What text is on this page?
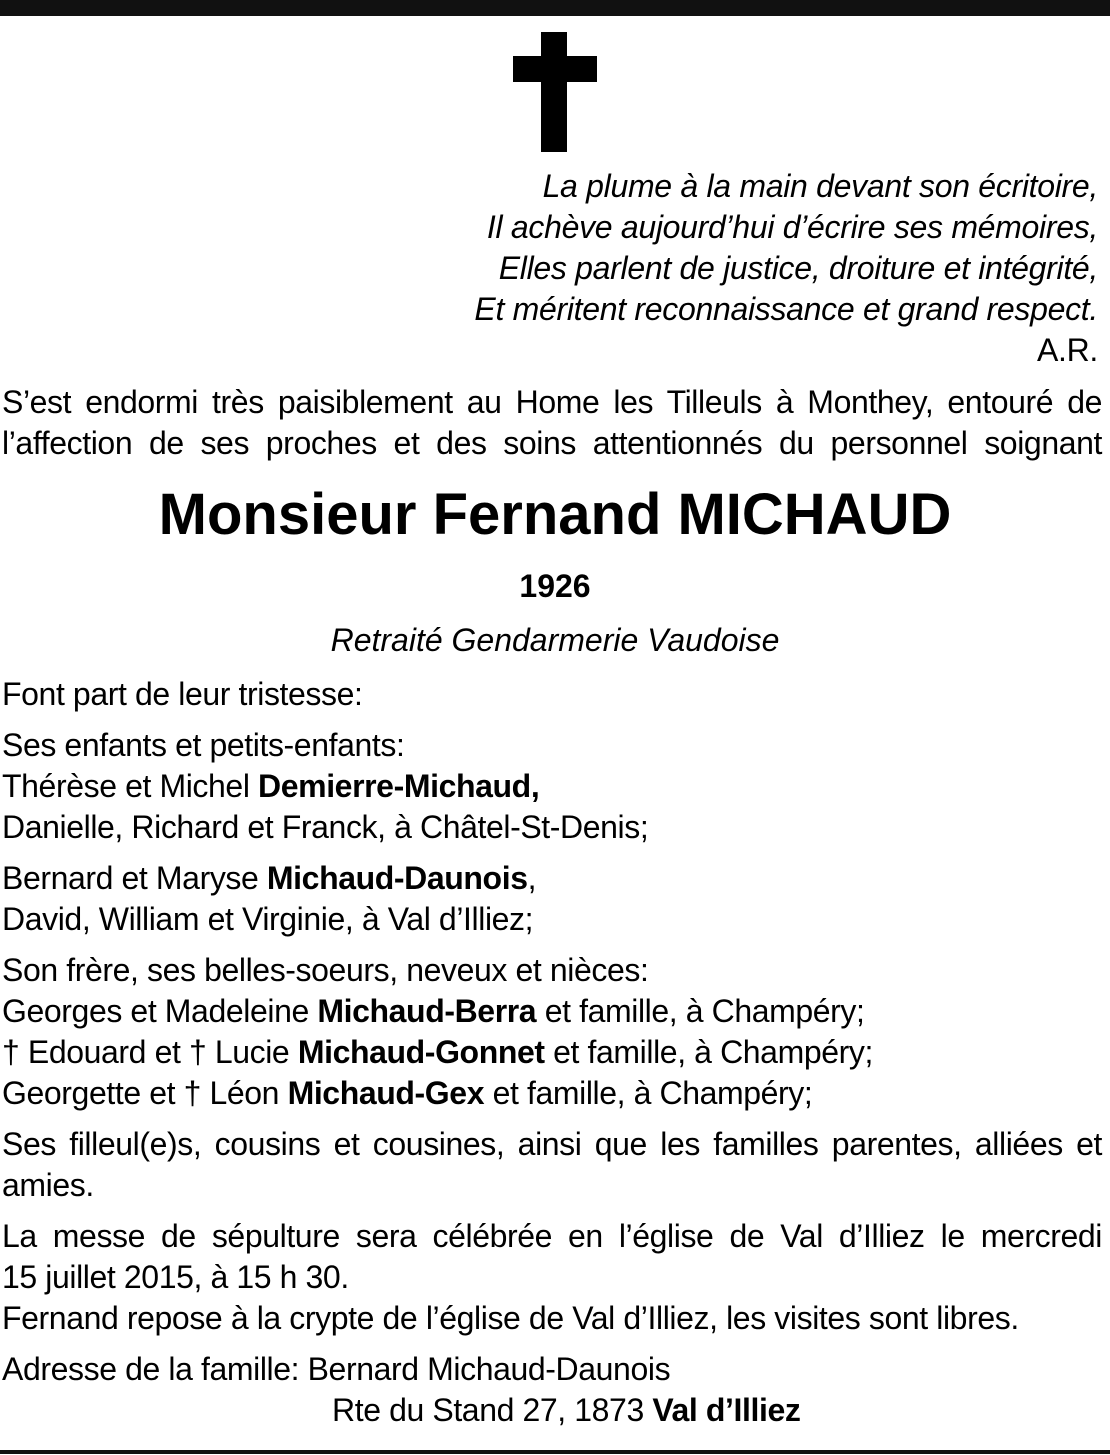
La plume à la main devant son écritoire,
Il achève aujourd’hui d’écrire ses mémoires,
Elles parlent de justice, droiture et intégrité,
Et méritent reconnaissance et grand respect.
A.R.
S’est endormi très paisiblement au Home les Tilleuls à Monthey, entouré de
l’affection de ses proches et des soins attentionnés du personnel soignant
Monsieur Fernand MICHAUD
1926
Retraité Gendarmerie Vaudoise
Font part de leur tristesse:
Ses enfants et petits-enfants:
Thérèse et Michel Demierre-Michaud,
Danielle, Richard et Franck, à Châtel-St-Denis;
Bernard et Maryse Michaud-Daunois,
David, William et Virginie, à Val d’Illiez;
Son frère, ses belles-soeurs, neveux et nièces:
Georges et Madeleine Michaud-Berra et famille, à Champéry;
† Edouard et † Lucie Michaud-Gonnet et famille, à Champéry;
Georgette et † Léon Michaud-Gex et famille, à Champéry;
Ses filleul(e)s, cousins et cousines, ainsi que les familles parentes, alliées et
amies.
La messe de sépulture sera célébrée en l’église de Val d’Illiez le mercredi
15 juillet 2015, à 15 h 30.
Fernand repose à la crypte de l’église de Val d’Illiez, les visites sont libres.
Adresse de la famille: Bernard Michaud-Daunois
Rte du Stand 27, 1873 Val d’Illiez
